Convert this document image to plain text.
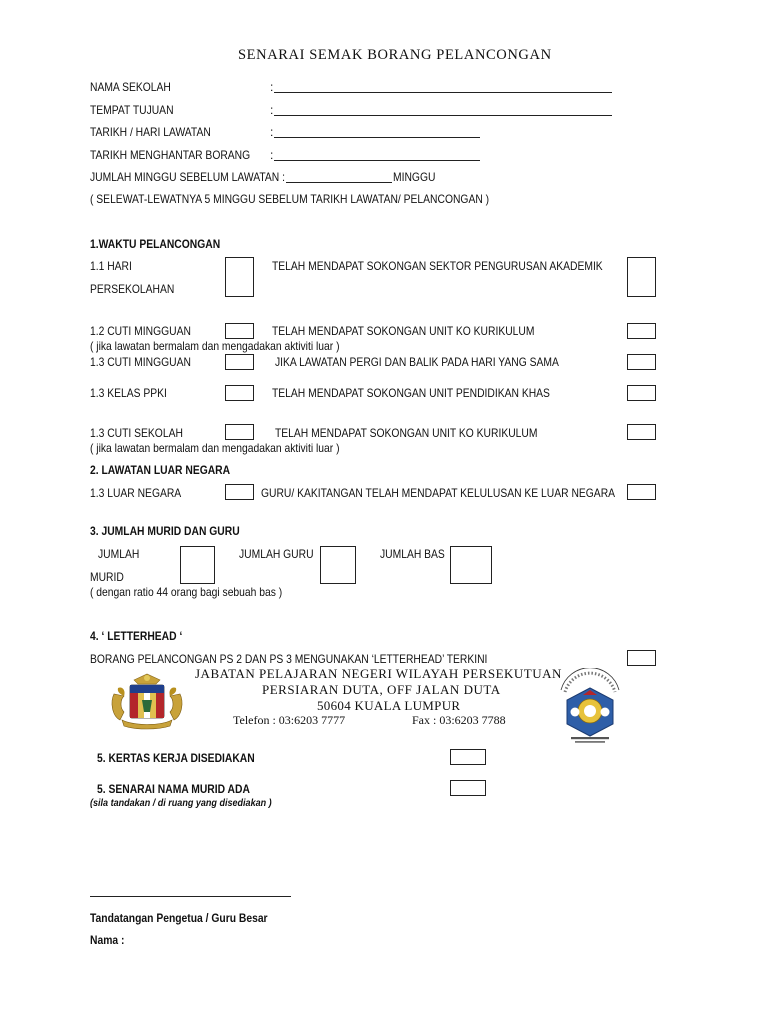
SENARAI SEMAK BORANG PELANCONGAN
NAMA SEKOLAH	:
TEMPAT TUJUAN	:
TARIKH / HARI LAWATAN	:
TARIKH MENGHANTAR BORANG	:
JUMLAH MINGGU SEBELUM LAWATAN :	MINGGU
( SELEWAT-LEWATNYA 5 MINGGU SEBELUM TARIKH LAWATAN/ PELANCONGAN )
1.WAKTU PELANCONGAN
1.1 HARI
PERSEKOLAHAN
TELAH MENDAPAT SOKONGAN SEKTOR PENGURUSAN AKADEMIK
1.2 CUTI MINGGUAN	TELAH MENDAPAT SOKONGAN UNIT KO KURIKULUM
( jika lawatan bermalam dan mengadakan aktiviti luar )
1.3 CUTI MINGGUAN	JIKA LAWATAN PERGI DAN BALIK PADA HARI YANG SAMA
1.3 KELAS PPKI	TELAH MENDAPAT SOKONGAN UNIT PENDIDIKAN KHAS
1.3 CUTI SEKOLAH	TELAH MENDAPAT SOKONGAN UNIT KO KURIKULUM
( jika lawatan bermalam dan mengadakan aktiviti luar )
2. LAWATAN LUAR NEGARA
1.3 LUAR NEGARA	GURU/ KAKITANGAN TELAH MENDAPAT KELULUSAN KE LUAR NEGARA
3. JUMLAH MURID DAN GURU
JUMLAH
MURID
JUMLAH GURU	JUMLAH BAS
( dengan ratio 44 orang bagi sebuah bas )
4. ‘ LETTERHEAD ‘
BORANG PELANCONGAN PS 2 DAN PS 3 MENGUNAKAN ‘LETTERHEAD’ TERKINI
JABATAN PELAJARAN NEGERI WILAYAH PERSEKUTUAN
PERSIARAN DUTA, OFF JALAN DUTA
50604 KUALA LUMPUR
Telefon : 03:6203 7777	Fax : 03:6203 7788
5. KERTAS KERJA DISEDIAKAN
5. SENARAI NAMA MURID ADA
(sila tandakan / di ruang yang disediakan )
Tandatangan Pengetua / Guru Besar
Nama :
